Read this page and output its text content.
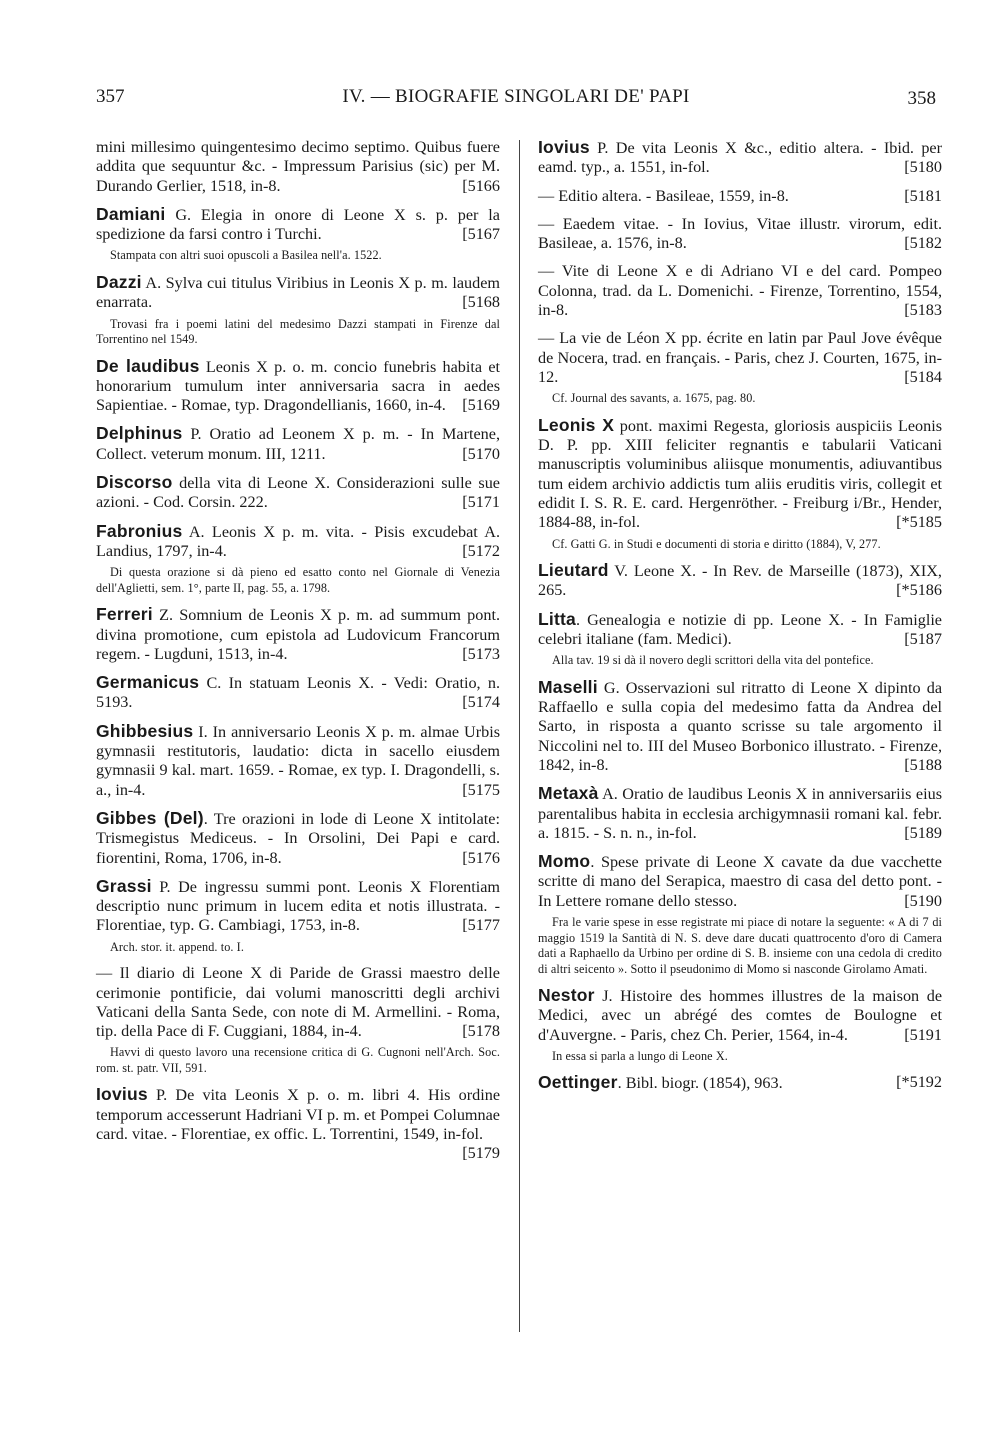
357	IV. — BIOGRAFIE SINGOLARI DE' PAPI	358
mini millesimo quingentesimo decimo septimo. Quibus fuere addita que sequuntur &c. - Impressum Parisius (sic) per M. Durando Gerlier, 1518, in-8.	[5166
Damiani G. Elegia in onore di Leone X s. p. per la spedizione da farsi contro i Turchi.	[5167
Stampata con altri suoi opuscoli a Basilea nell'a. 1522.
Dazzi A. Sylva cui titulus Viribius in Leonis X p. m. laudem enarrata.	[5168
Trovasi fra i poemi latini del medesimo Dazzi stampati in Firenze dal Torrentino nel 1549.
De laudibus Leonis X p. o. m. concio funebris habita et honorarium tumulum inter anniversaria sacra in aedes Sapientiae. - Romae, typ. Dragondellianis, 1660, in-4.	[5169
Delphinus P. Oratio ad Leonem X p. m. - In Martene, Collect. veterum monum. III, 1211.	[5170
Discorso della vita di Leone X. Considerazioni sulle sue azioni. - Cod. Corsin. 222.	[5171
Fabronius A. Leonis X p. m. vita. - Pisis excudebat A. Landius, 1797, in-4.	[5172
Di questa orazione si dà pieno ed esatto conto nel Giornale di Venezia dell'Aglietti, sem. 1°, parte II, pag. 55, a. 1798.
Ferreri Z. Somnium de Leonis X p. m. ad summum pont. divina promotione, cum epistola ad Ludovicum Francorum regem. - Lugduni, 1513, in-4.	[5173
Germanicus C. In statuam Leonis X. - Vedi: Oratio, n. 5193.	[5174
Ghibbesius I. In anniversario Leonis X p. m. almae Urbis gymnasii restitutoris, laudatio: dicta in sacello eiusdem gymnasii 9 kal. mart. 1659. - Romae, ex typ. I. Dragondelli, s. a., in-4.	[5175
Gibbes (Del). Tre orazioni in lode di Leone X intitolate: Trismegistus Mediceus. - In Orsolini, Dei Papi e card. fiorentini, Roma, 1706, in-8.	[5176
Grassi P. De ingressu summi pont. Leonis X Florentiam descriptio nunc primum in lucem edita et notis illustrata. - Florentiae, typ. G. Cambiagi, 1753, in-8.	[5177
Arch. stor. it. append. to. I.
— Il diario di Leone X di Paride de Grassi maestro delle cerimonie pontificie, dai volumi manoscritti degli archivi Vaticani della Santa Sede, con note di M. Armellini. - Roma, tip. della Pace di F. Cuggiani, 1884, in-4.	[5178
Havvi di questo lavoro una recensione critica di G. Cugnoni nell'Arch. Soc. rom. st. patr. VII, 591.
Iovius P. De vita Leonis X p. o. m. libri 4. His ordine temporum accesserunt Hadriani VI p. m. et Pompei Columnae card. vitae. - Florentiae, ex offic. L. Torrentini, 1549, in-fol.
[5179
Iovius P. De vita Leonis X &c., editio altera. - Ibid. per eamd. typ., a. 1551, in-fol.	[5180
— Editio altera. - Basileae, 1559, in-8.	[5181
— Eaedem vitae. - In Iovius, Vitae illustr. virorum, edit. Basileae, a. 1576, in-8.	[5182
— Vite di Leone X e di Adriano VI e del card. Pompeo Colonna, trad. da L. Domenichi. - Firenze, Torrentino, 1554, in-8.	[5183
— La vie de Léon X pp. écrite en latin par Paul Jove évêque de Nocera, trad. en français. - Paris, chez J. Courten, 1675, in-12.	[5184
Cf. Journal des savants, a. 1675, pag. 80.
Leonis X pont. maximi Regesta, gloriosis auspiciis Leonis D. P. pp. XIII feliciter regnantis e tabularii Vaticani manuscriptis voluminibus aliisque monumentis, adiuvantibus tum eidem archivio addictis tum aliis eruditis viris, collegit et edidit I. S. R. E. card. Hergenröther. - Freiburg i/Br., Hender, 1884-88, in-fol.	[*5185
Cf. Gatti G. in Studi e documenti di storia e diritto (1884), V, 277.
Lieutard V. Leone X. - In Rev. de Marseille (1873), XIX, 265.	[*5186
Litta. Genealogia e notizie di pp. Leone X. - In Famiglie celebri italiane (fam. Medici).	[5187
Alla tav. 19 si dà il novero degli scrittori della vita del pontefice.
Maselli G. Osservazioni sul ritratto di Leone X dipinto da Raffaello e sulla copia del medesimo fatta da Andrea del Sarto, in risposta a quanto scrisse su tale argomento il Niccolini nel to. III del Museo Borbonico illustrato. - Firenze, 1842, in-8.	[5188
Metaxà A. Oratio de laudibus Leonis X in anniversariis eius parentalibus habita in ecclesia archigymnasii romani kal. febr. a. 1815. - S. n. n., in-fol.	[5189
Momo. Spese private di Leone X cavate da due vacchette scritte di mano del Serapica, maestro di casa del detto pont. - In Lettere romane dello stesso.	[5190
Fra le varie spese in esse registrate mi piace di notare la seguente: « A di 7 di maggio 1519 la Santità di N. S. deve dare ducati quattrocento d'oro di Camera dati a Raphaello da Urbino per ordine di S. B. insieme con una cedola di credito di altri seicento ». Sotto il pseudonimo di Momo si nasconde Girolamo Amati.
Nestor J. Histoire des hommes illustres de la maison de Medici, avec un abrégé des comtes de Boulogne et d'Auvergne. - Paris, chez Ch. Perier, 1564, in-4.	[5191
In essa si parla a lungo di Leone X.
Oettinger. Bibl. biogr. (1854), 963.	[*5192
